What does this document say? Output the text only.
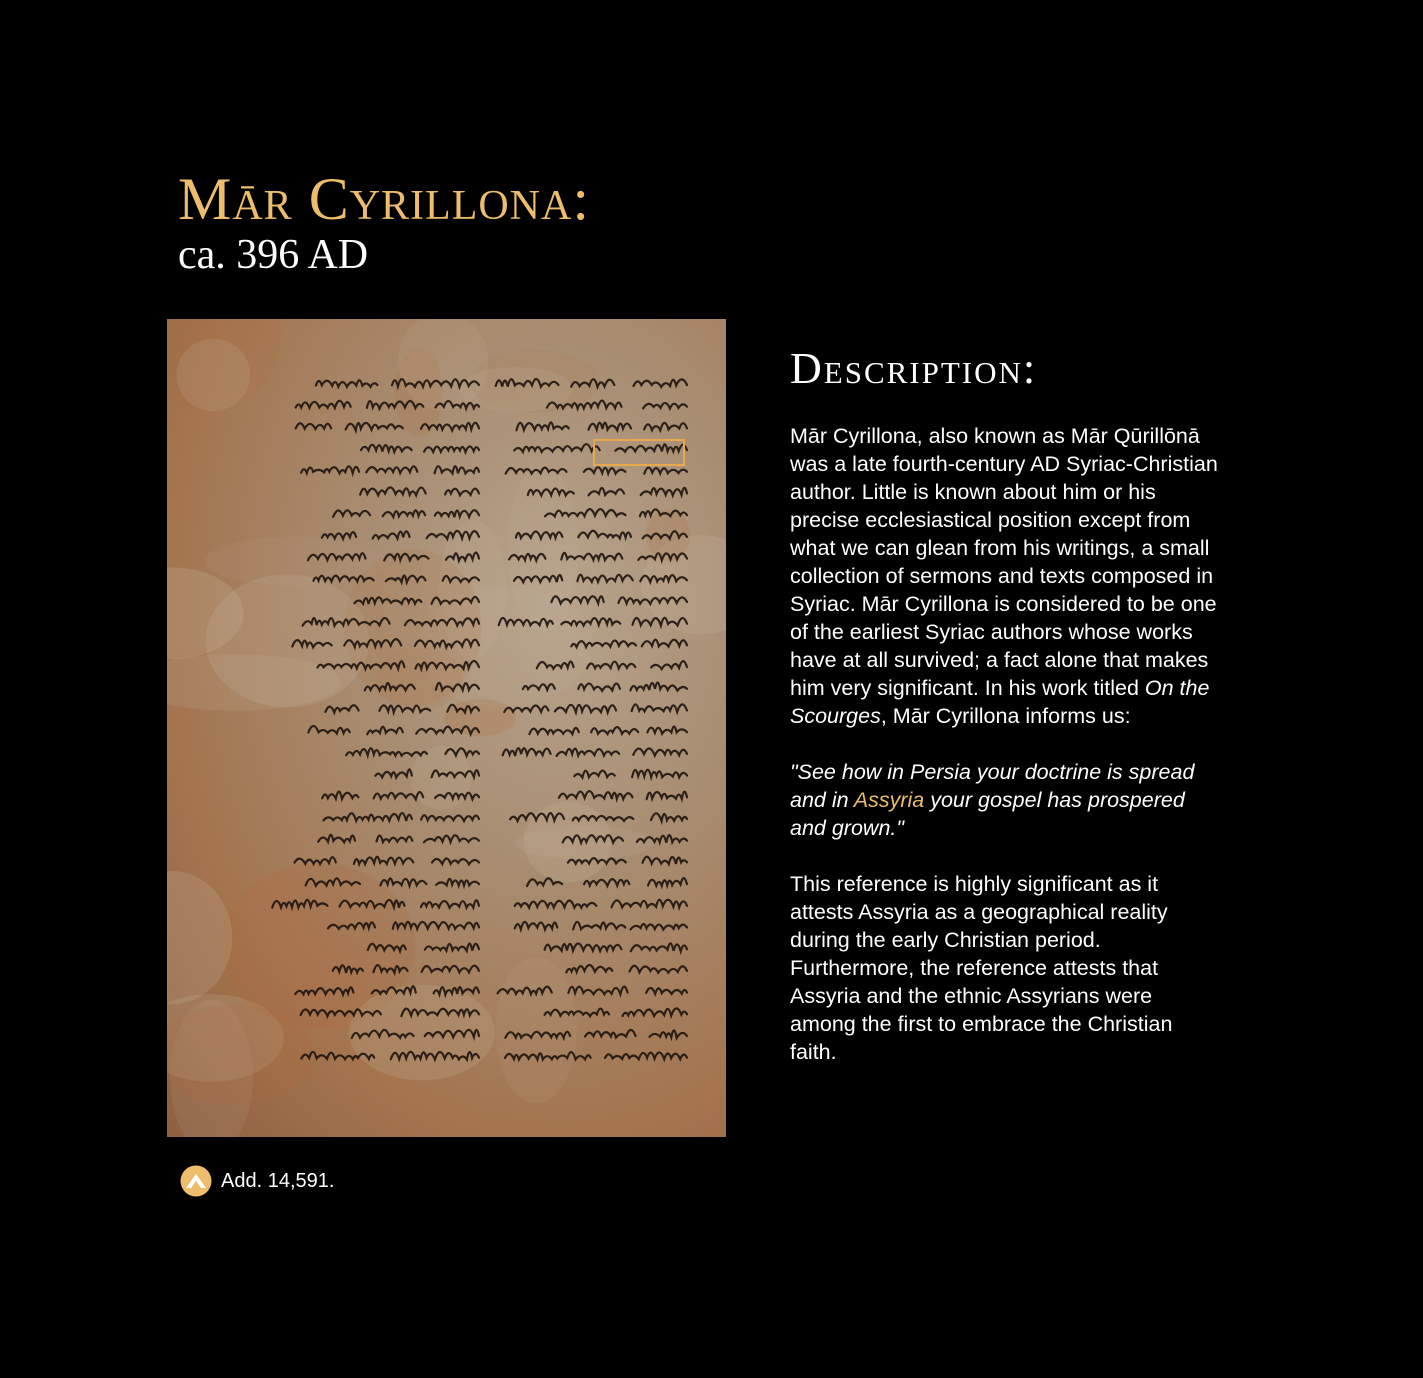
Mār Cyrillona:
ca. 396 AD
Add. 14,591.
Description:

Mār Cyrillona, also known as Mār Qūrillōnā was a late fourth-century AD Syriac-Christian author. Little is known about him or his precise ecclesiastical position except from what we can glean from his writings, a small collection of sermons and texts composed in Syriac. Mār Cyrillona is considered to be one of the earliest Syriac authors whose works have at all survived; a fact alone that makes him very significant. In his work titled On the Scourges, Mār Cyrillona informs us:

"See how in Persia your doctrine is spread and in Assyria your gospel has prospered and grown."

This reference is highly significant as it attests Assyria as a geographical reality during the early Christian period. Furthermore, the reference attests that Assyria and the ethnic Assyrians were among the first to embrace the Christian faith.
